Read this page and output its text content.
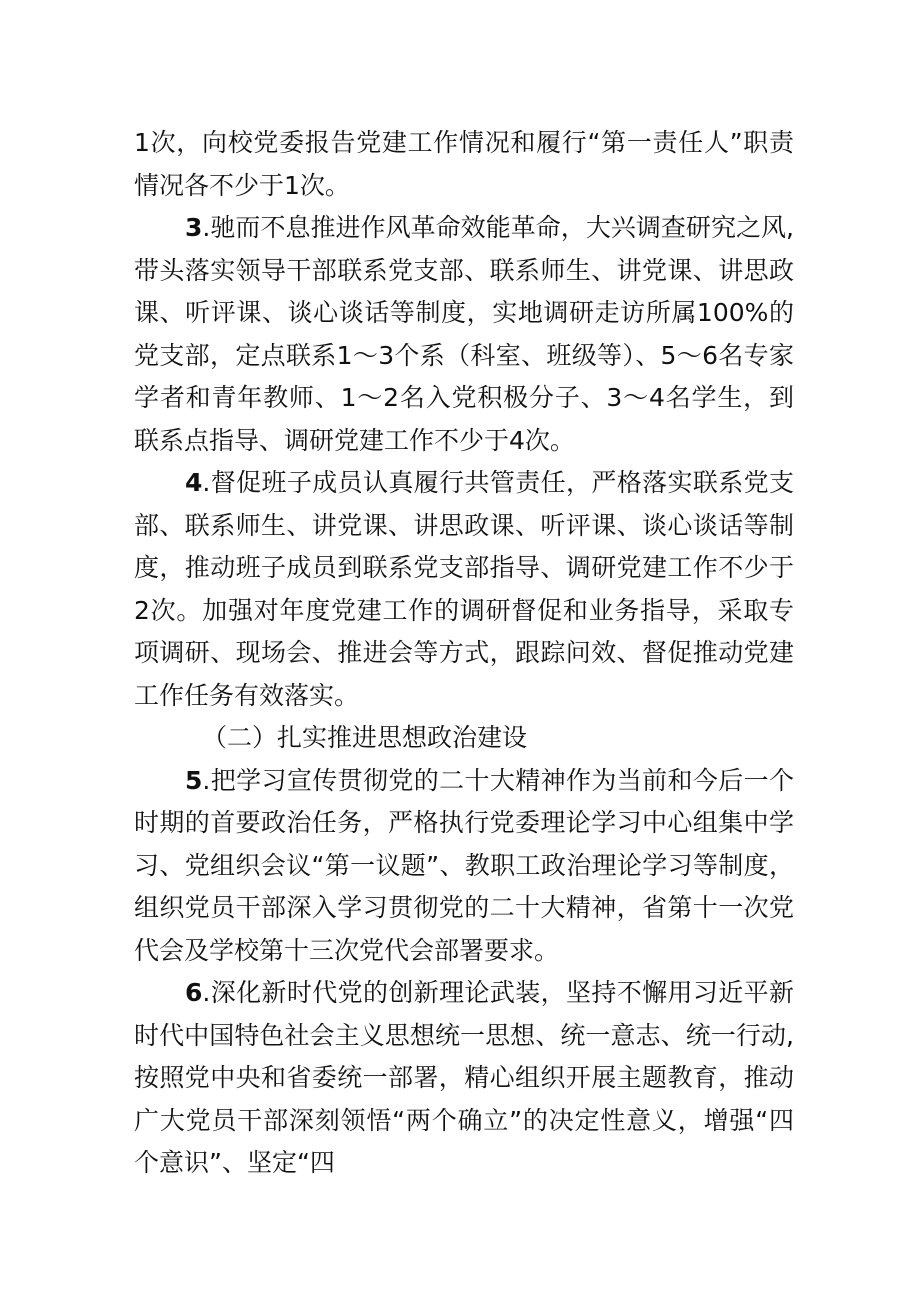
1次，向校党委报告党建工作情况和履行“第一责任人”职责情况各不少于1次。

3.驰而不息推进作风革命效能革命，大兴调查研究之风,带头落实领导干部联系党支部、联系师生、讲党课、讲思政课、听评课、谈心谈话等制度，实地调研走访所属100%的党支部，定点联系1〜3个系（科室、班级等）、5〜6名专家学者和青年教师、1〜2名入党积极分子、3〜4名学生，到联系点指导、调研党建工作不少于4次。

4.督促班子成员认真履行共管责任，严格落实联系党支部、联系师生、讲党课、讲思政课、听评课、谈心谈话等制度，推动班子成员到联系党支部指导、调研党建工作不少于2次。加强对年度党建工作的调研督促和业务指导，采取专项调研、现场会、推进会等方式，跟踪问效、督促推动党建工作任务有效落实。

（二）扎实推进思想政治建设

5.把学习宣传贯彻党的二十大精神作为当前和今后一个时期的首要政治任务，严格执行党委理论学习中心组集中学习、党组织会议“第一议题”、教职工政治理论学习等制度，组织党员干部深入学习贯彻党的二十大精神，省第十一次党代会及学校第十三次党代会部署要求。

6.深化新时代党的创新理论武装，坚持不懈用习近平新时代中国特色社会主义思想统一思想、统一意志、统一行动,按照党中央和省委统一部署，精心组织开展主题教育，推动广大党员干部深刻领悟“两个确立”的决定性意义，增强“四个意识”、坚定“四
